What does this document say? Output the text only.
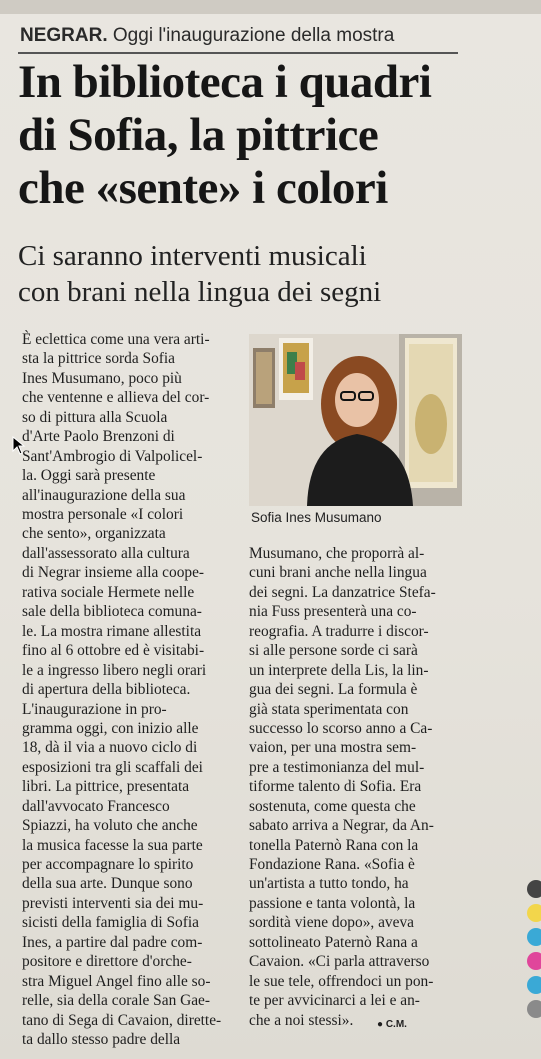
NEGRAR. Oggi l'inaugurazione della mostra
In biblioteca i quadri
di Sofia, la pittrice
che «sente» i colori
Ci saranno interventi musicali
con brani nella lingua dei segni
È eclettica come una vera arti-
sta la pittrice sorda Sofia
Ines Musumano, poco più
che ventenne e allieva del cor-
so di pittura alla Scuola
d'Arte Paolo Brenzoni di
Sant'Ambrogio di Valpolicel-
la. Oggi sarà presente
all'inaugurazione della sua
mostra personale «I colori
che sento», organizzata
Sofia Ines Musumano
dall'assessorato alla cultura
di Negrar insieme alla coope-
rativa sociale Hermete nelle
sale della biblioteca comuna-
le. La mostra rimane allestita
fino al 6 ottobre ed è visitabi-
le a ingresso libero negli orari
di apertura della biblioteca.
L'inaugurazione in pro-
gramma oggi, con inizio alle
18, dà il via a nuovo ciclo di
esposizioni tra gli scaffali dei
libri. La pittrice, presentata
dall'avvocato Francesco
Spiazzi, ha voluto che anche
la musica facesse la sua parte
per accompagnare lo spirito
della sua arte. Dunque sono
previsti interventi sia dei mu-
sicisti della famiglia di Sofia
Ines, a partire dal padre com-
positore e direttore d'orche-
stra Miguel Angel fino alle so-
relle, sia della corale San Gae-
tano di Sega di Cavaion, dirette-
ta dallo stesso padre della
Musumano, che proporrà al-
cuni brani anche nella lingua
dei segni. La danzatrice Stefa-
nia Fuss presenterà una co-
reografia. A tradurre i discor-
si alle persone sorde ci sarà
un interprete della Lis, la lin-
gua dei segni. La formula è
già stata sperimentata con
successo lo scorso anno a Ca-
vaion, per una mostra sem-
pre a testimonianza del mul-
tiforme talento di Sofia. Era
sostenuta, come questa che
sabato arriva a Negrar, da An-
tonella Paternò Rana con la
Fondazione Rana. «Sofia è
un'artista a tutto tondo, ha
passione e tanta volontà, la
sordità viene dopo», aveva
sottolineato Paternò Rana a
Cavaion. «Ci parla attraverso
le sue tele, offrendoci un pon-
te per avvicinarci a lei e an-
che a noi stessi».	● C.M.
